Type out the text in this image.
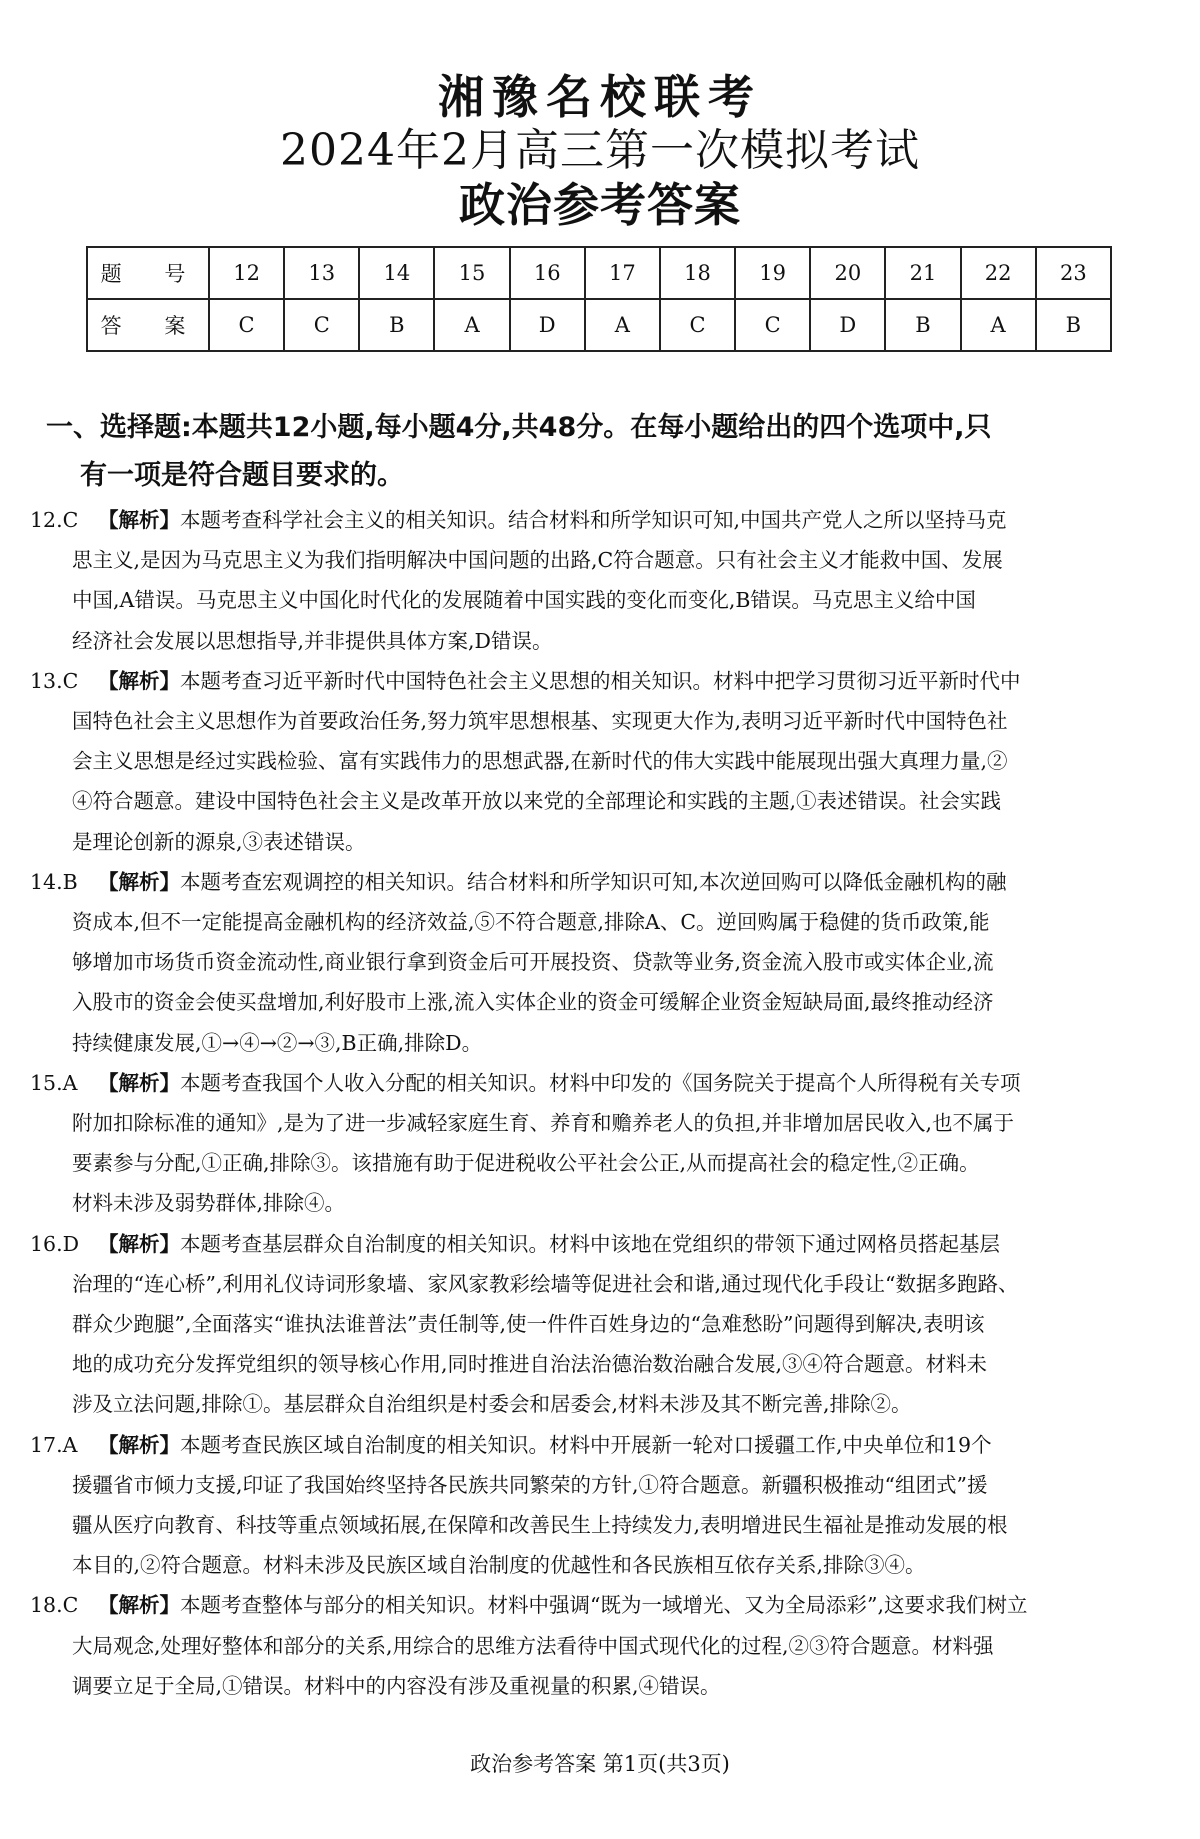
湘豫名校联考
2024年2月高三第一次模拟考试
政治参考答案
题 号	12	13	14	15	16	17	18	19	20	21	22	23
答 案	C	C	B	A	D	A	C	C	D	B	A	B
一、选择题:本题共12小题,每小题4分,共48分。在每小题给出的四个选项中,只
有一项是符合题目要求的。
12.C 【解析】本题考查科学社会主义的相关知识。结合材料和所学知识可知,中国共产党人之所以坚持马克
思主义,是因为马克思主义为我们指明解决中国问题的出路,C符合题意。只有社会主义才能救中国、发展
中国,A错误。马克思主义中国化时代化的发展随着中国实践的变化而变化,B错误。马克思主义给中国
经济社会发展以思想指导,并非提供具体方案,D错误。
13.C 【解析】本题考查习近平新时代中国特色社会主义思想的相关知识。材料中把学习贯彻习近平新时代中
国特色社会主义思想作为首要政治任务,努力筑牢思想根基、实现更大作为,表明习近平新时代中国特色社
会主义思想是经过实践检验、富有实践伟力的思想武器,在新时代的伟大实践中能展现出强大真理力量,②
④符合题意。建设中国特色社会主义是改革开放以来党的全部理论和实践的主题,①表述错误。社会实践
是理论创新的源泉,③表述错误。
14.B 【解析】本题考查宏观调控的相关知识。结合材料和所学知识可知,本次逆回购可以降低金融机构的融
资成本,但不一定能提高金融机构的经济效益,⑤不符合题意,排除A、C。逆回购属于稳健的货币政策,能
够增加市场货币资金流动性,商业银行拿到资金后可开展投资、贷款等业务,资金流入股市或实体企业,流
入股市的资金会使买盘增加,利好股市上涨,流入实体企业的资金可缓解企业资金短缺局面,最终推动经济
持续健康发展,①→④→②→③,B正确,排除D。
15.A 【解析】本题考查我国个人收入分配的相关知识。材料中印发的《国务院关于提高个人所得税有关专项
附加扣除标准的通知》,是为了进一步减轻家庭生育、养育和赡养老人的负担,并非增加居民收入,也不属于
要素参与分配,①正确,排除③。该措施有助于促进税收公平社会公正,从而提高社会的稳定性,②正确。
材料未涉及弱势群体,排除④。
16.D 【解析】本题考查基层群众自治制度的相关知识。材料中该地在党组织的带领下通过网格员搭起基层
治理的“连心桥”,利用礼仪诗词形象墙、家风家教彩绘墙等促进社会和谐,通过现代化手段让“数据多跑路、
群众少跑腿”,全面落实“谁执法谁普法”责任制等,使一件件百姓身边的“急难愁盼”问题得到解决,表明该
地的成功充分发挥党组织的领导核心作用,同时推进自治法治德治数治融合发展,③④符合题意。材料未
涉及立法问题,排除①。基层群众自治组织是村委会和居委会,材料未涉及其不断完善,排除②。
17.A 【解析】本题考查民族区域自治制度的相关知识。材料中开展新一轮对口援疆工作,中央单位和19个
援疆省市倾力支援,印证了我国始终坚持各民族共同繁荣的方针,①符合题意。新疆积极推动“组团式”援
疆从医疗向教育、科技等重点领域拓展,在保障和改善民生上持续发力,表明增进民生福祉是推动发展的根
本目的,②符合题意。材料未涉及民族区域自治制度的优越性和各民族相互依存关系,排除③④。
18.C 【解析】本题考查整体与部分的相关知识。材料中强调“既为一域增光、又为全局添彩”,这要求我们树立
大局观念,处理好整体和部分的关系,用综合的思维方法看待中国式现代化的过程,②③符合题意。材料强
调要立足于全局,①错误。材料中的内容没有涉及重视量的积累,④错误。
政治参考答案 第1页(共3页)
